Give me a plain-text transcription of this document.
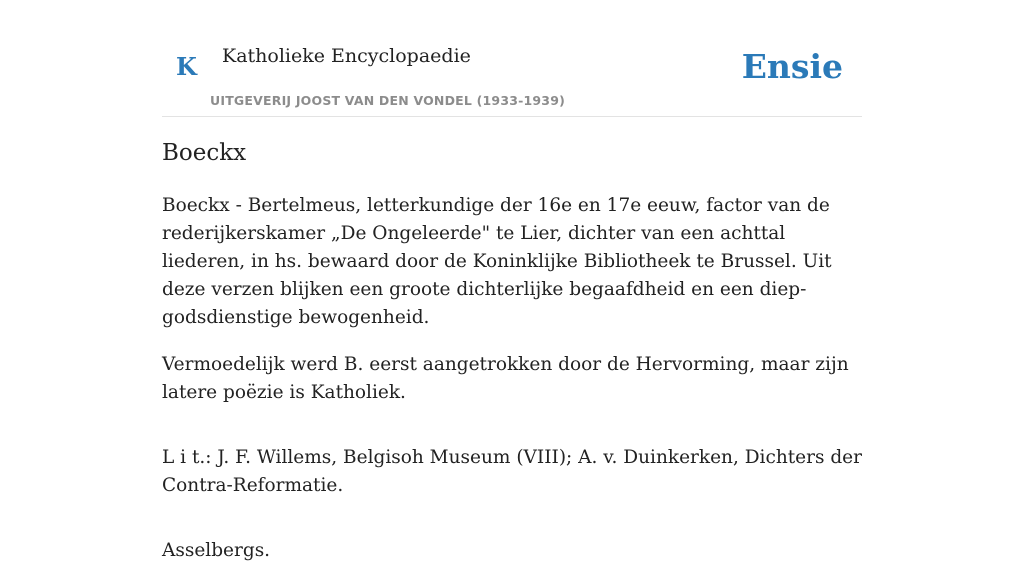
K Katholieke Encyclopaedie
UITGEVERIJ JOOST VAN DEN VONDEL (1933-1939)
Ensie
Boeckx

Boeckx - Bertelmeus, letterkundige der 16e en 17e eeuw, factor van de rederijkerskamer „De Ongeleerde" te Lier, dichter van een achttal liederen, in hs. bewaard door de Koninklijke Bibliotheek te Brussel. Uit deze verzen blijken een groote dichterlijke begaafdheid en een diep-godsdienstige bewogenheid.

Vermoedelijk werd B. eerst aangetrokken door de Hervorming, maar zijn latere poëzie is Katholiek.

L i t.: J. F. Willems, Belgisoh Museum (VIII); A. v. Duinkerken, Dichters der Contra-Reformatie.

Asselbergs.
